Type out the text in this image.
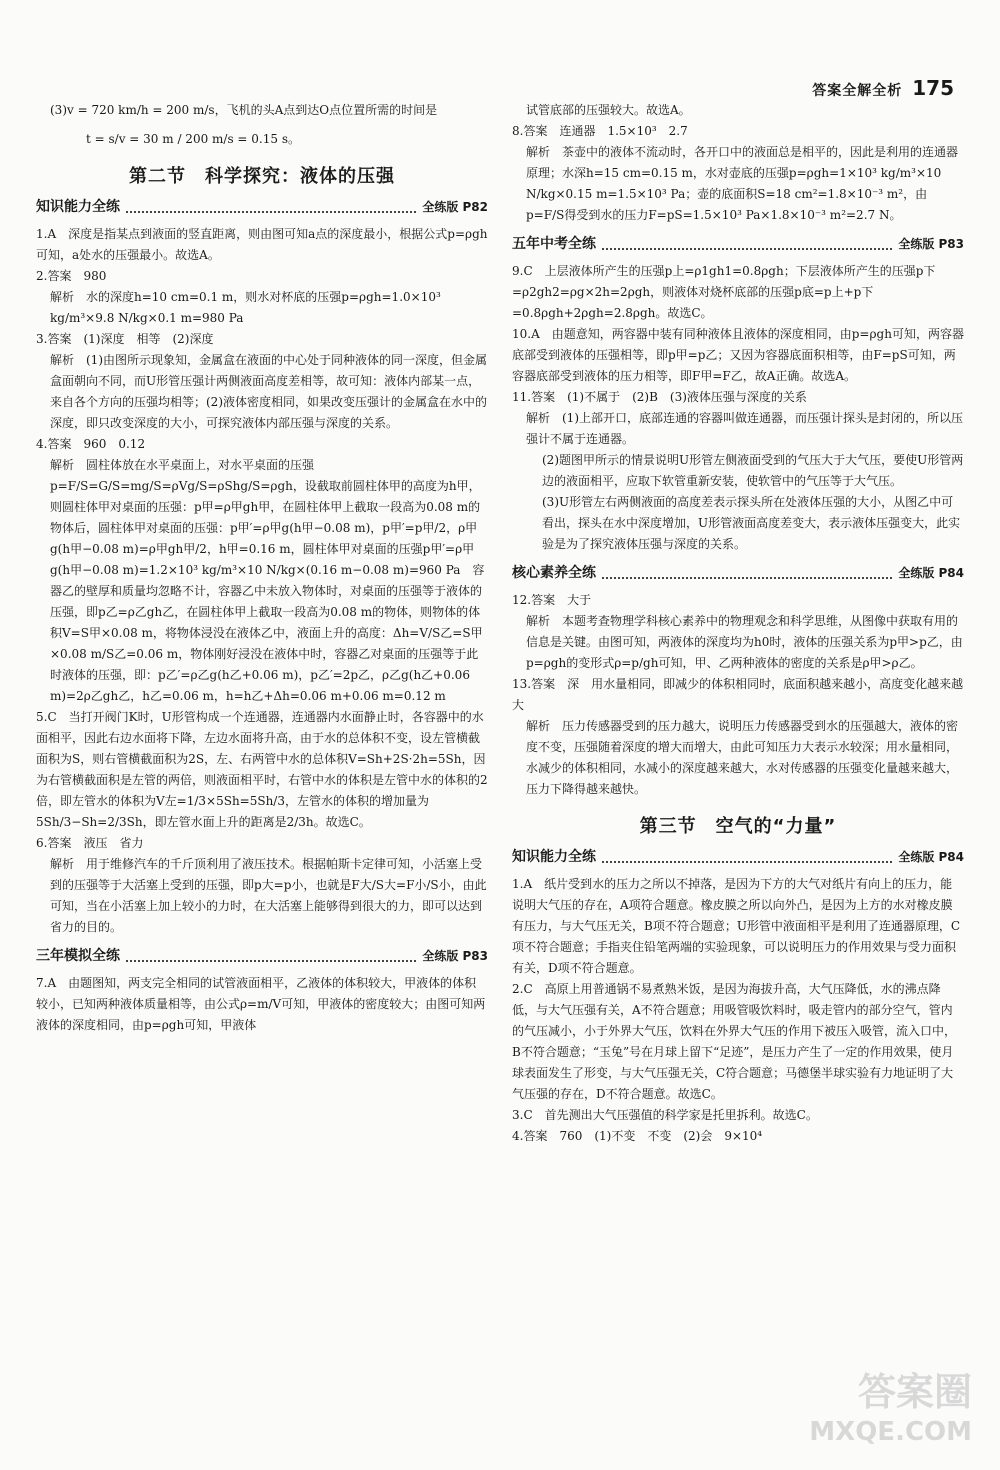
答案全解全析 175

(3)v = 720 km/h = 200 m/s，飞机的头A点到达O点位置所需的时间是

t = s/v = 30 m / 200 m/s = 0.15 s。

第二节　科学探究：液体的压强
知识能力全练	全练版 P82

1.A　深度是指某点到液面的竖直距离，则由图可知a点的深度最小，根据公式p=ρgh可知，a处水的压强最小。故选A。

2.答案　980

解析　水的深度h=10 cm=0.1 m，则水对杯底的压强p=ρgh=1.0×10³ kg/m³×9.8 N/kg×0.1 m=980 Pa

3.答案　(1)深度　相等　(2)深度

解析　(1)由图所示现象知，金属盒在液面的中心处于同种液体的同一深度，但金属盒面朝向不同，而U形管压强计两侧液面高度差相等，故可知：液体内部某一点，来自各个方向的压强均相等；(2)液体密度相同，如果改变压强计的金属盒在水中的深度，即只改变深度的大小，可探究液体内部压强与深度的关系。

4.答案　960　0.12

解析　圆柱体放在水平桌面上，对水平桌面的压强p=F/S=G/S=mg/S=ρVg/S=ρShg/S=ρgh，设截取前圆柱体甲的高度为h甲，则圆柱体甲对桌面的压强：p甲=ρ甲gh甲，在圆柱体甲上截取一段高为0.08 m的物体后，圆柱体甲对桌面的压强：p甲′=ρ甲g(h甲−0.08 m)，p甲′=p甲/2，ρ甲g(h甲−0.08 m)=ρ甲gh甲/2，h甲=0.16 m，圆柱体甲对桌面的压强p甲′=ρ甲g(h甲−0.08 m)=1.2×10³ kg/m³×10 N/kg×(0.16 m−0.08 m)=960 Pa　容器乙的壁厚和质量均忽略不计，容器乙中未放入物体时，对桌面的压强等于液体的压强，即p乙=ρ乙gh乙，在圆柱体甲上截取一段高为0.08 m的物体，则物体的体积V=S甲×0.08 m，将物体浸没在液体乙中，液面上升的高度：Δh=V/S乙=S甲×0.08 m/S乙=0.06 m，物体刚好浸没在液体中时，容器乙对桌面的压强等于此时液体的压强，即：p乙′=ρ乙g(h乙+0.06 m)，p乙′=2p乙，ρ乙g(h乙+0.06 m)=2ρ乙gh乙，h乙=0.06 m，h=h乙+Δh=0.06 m+0.06 m=0.12 m

5.C　当打开阀门K时，U形管构成一个连通器，连通器内水面静止时，各容器中的水面相平，因此右边水面将下降，左边水面将升高，由于水的总体积不变，设左管横截面积为S，则右管横截面积为2S，左、右两管中水的总体积V=Sh+2S·2h=5Sh，因为右管横截面积是左管的两倍，则液面相平时，右管中水的体积是左管中水的体积的2倍，即左管水的体积为V左=1/3×5Sh=5Sh/3，左管水的体积的增加量为5Sh/3−Sh=2/3Sh，即左管水面上升的距离是2/3h。故选C。

6.答案　液压　省力

解析　用于维修汽车的千斤顶利用了液压技术。根据帕斯卡定律可知，小活塞上受到的压强等于大活塞上受到的压强，即p大=p小，也就是F大/S大=F小/S小，由此可知，当在小活塞上加上较小的力时，在大活塞上能够得到很大的力，即可以达到省力的目的。

三年模拟全练	全练版 P83

7.A　由题图知，两支完全相同的试管液面相平，乙液体的体积较大，甲液体的体积较小，已知两种液体质量相等，由公式ρ=m/V可知，甲液体的密度较大；由图可知两液体的深度相同，由p=ρgh可知，甲液体

试管底部的压强较大。故选A。

8.答案　连通器　1.5×10³　2.7

解析　茶壶中的液体不流动时，各开口中的液面总是相平的，因此是利用的连通器原理；水深h=15 cm=0.15 m，水对壶底的压强p=ρgh=1×10³ kg/m³×10 N/kg×0.15 m=1.5×10³ Pa；壶的底面积S=18 cm²=1.8×10⁻³ m²，由p=F/S得受到水的压力F=pS=1.5×10³ Pa×1.8×10⁻³ m²=2.7 N。

五年中考全练	全练版 P83

9.C　上层液体所产生的压强p上=ρ1gh1=0.8ρgh；下层液体所产生的压强p下=ρ2gh2=ρg×2h=2ρgh，则液体对烧杯底部的压强p底=p上+p下=0.8ρgh+2ρgh=2.8ρgh。故选C。

10.A　由题意知，两容器中装有同种液体且液体的深度相同，由p=ρgh可知，两容器底部受到液体的压强相等，即p甲=p乙；又因为容器底面积相等，由F=pS可知，两容器底部受到液体的压力相等，即F甲=F乙，故A正确。故选A。

11.答案　(1)不属于　(2)B　(3)液体压强与深度的关系

解析　(1)上部开口，底部连通的容器叫做连通器，而压强计探头是封闭的，所以压强计不属于连通器。

(2)题图甲所示的情景说明U形管左侧液面受到的气压大于大气压，要使U形管两边的液面相平，应取下软管重新安装，使软管中的气压等于大气压。

(3)U形管左右两侧液面的高度差表示探头所在处液体压强的大小，从图乙中可看出，探头在水中深度增加，U形管液面高度差变大，表示液体压强变大，此实验是为了探究液体压强与深度的关系。

核心素养全练	全练版 P84

12.答案　大于

解析　本题考查物理学科核心素养中的物理观念和科学思维，从图像中获取有用的信息是关键。由图可知，两液体的深度均为h0时，液体的压强关系为p甲>p乙，由p=ρgh的变形式ρ=p/gh可知，甲、乙两种液体的密度的关系是ρ甲>ρ乙。

13.答案　深　用水量相同，即减少的体积相同时，底面积越来越小，高度变化越来越大

解析　压力传感器受到的压力越大，说明压力传感器受到水的压强越大，液体的密度不变，压强随着深度的增大而增大，由此可知压力大表示水较深；用水量相同，水减少的体积相同，水减小的深度越来越大，水对传感器的压强变化量越来越大，压力下降得越来越快。

第三节　空气的“力量”
知识能力全练	全练版 P84

1.A　纸片受到水的压力之所以不掉落，是因为下方的大气对纸片有向上的压力，能说明大气压的存在，A项符合题意。橡皮膜之所以向外凸，是因为上方的水对橡皮膜有压力，与大气压无关，B项不符合题意；U形管中液面相平是利用了连通器原理，C项不符合题意；手指夹住铅笔两端的实验现象，可以说明压力的作用效果与受力面积有关，D项不符合题意。

2.C　高原上用普通锅不易煮熟米饭，是因为海拔升高，大气压降低，水的沸点降低，与大气压强有关，A不符合题意；用吸管吸饮料时，吸走管内的部分空气，管内的气压减小，小于外界大气压，饮料在外界大气压的作用下被压入吸管，流入口中，B不符合题意；“玉兔”号在月球上留下“足迹”，是压力产生了一定的作用效果，使月球表面发生了形变，与大气压强无关，C符合题意；马德堡半球实验有力地证明了大气压强的存在，D不符合题意。故选C。

3.C　首先测出大气压强值的科学家是托里拆利。故选C。

4.答案　760　(1)不变　不变　(2)会　9×10⁴

答案圈
MXQE.COM
